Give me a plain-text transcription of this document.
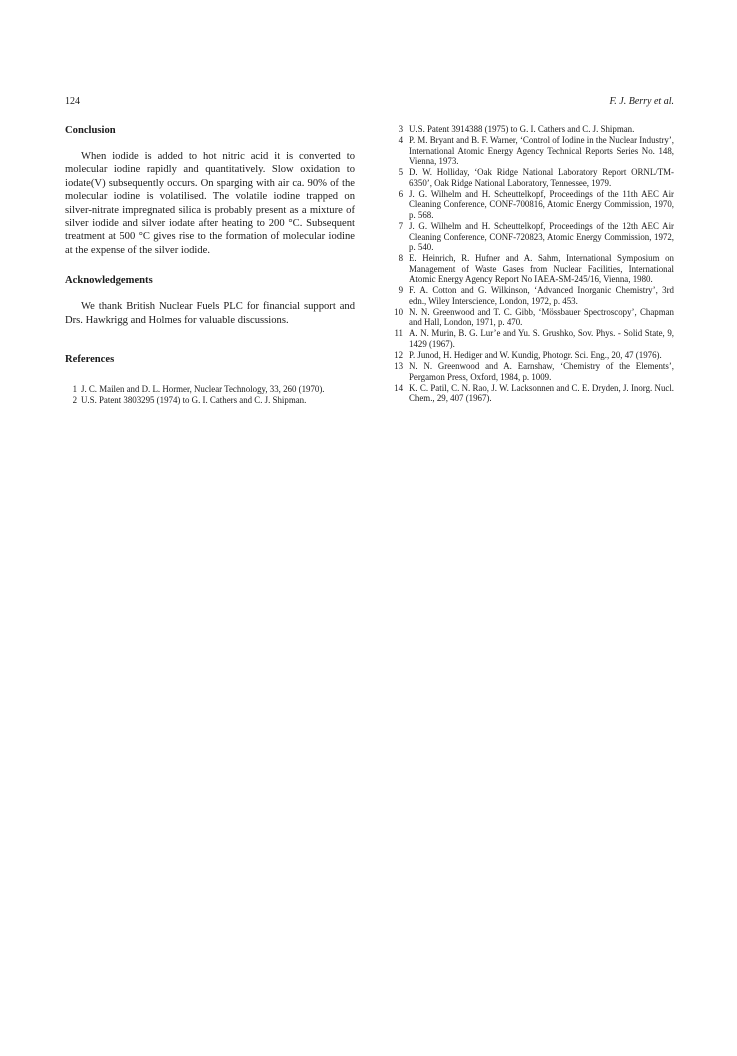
124	F. J. Berry et al.
Conclusion

When iodide is added to hot nitric acid it is converted to molecular iodine rapidly and quantitatively. Slow oxidation to iodate(V) subsequently occurs. On sparging with air ca. 90% of the molecular iodine is volatilised. The volatile iodine trapped on silver-nitrate impregnated silica is probably present as a mixture of silver iodide and silver iodate after heating to 200 °C. Subsequent treatment at 500 °C gives rise to the formation of molecular iodine at the expense of the silver iodide.

Acknowledgements

We thank British Nuclear Fuels PLC for financial support and Drs. Hawkrigg and Holmes for valuable discussions.

References
1 J. C. Mailen and D. L. Hormer, Nuclear Technology, 33, 260 (1970).
2 U.S. Patent 3803295 (1974) to G. I. Cathers and C. J. Shipman.
3 U.S. Patent 3914388 (1975) to G. I. Cathers and C. J. Shipman.
4 P. M. Bryant and B. F. Warner, ‘Control of Iodine in the Nuclear Industry’, International Atomic Energy Agency Technical Reports Series No. 148, Vienna, 1973.
5 D. W. Holliday, ‘Oak Ridge National Laboratory Report ORNL/TM-6350’, Oak Ridge National Laboratory, Tennessee, 1979.
6 J. G. Wilhelm and H. Scheuttelkopf, Proceedings of the 11th AEC Air Cleaning Conference, CONF-700816, Atomic Energy Commission, 1970, p. 568.
7 J. G. Wilhelm and H. Scheuttelkopf, Proceedings of the 12th AEC Air Cleaning Conference, CONF-720823, Atomic Energy Commission, 1972, p. 540.
8 E. Heinrich, R. Hufner and A. Sahm, International Symposium on Management of Waste Gases from Nuclear Facilities, International Atomic Energy Agency Report No IAEA-SM-245/16, Vienna, 1980.
9 F. A. Cotton and G. Wilkinson, ‘Advanced Inorganic Chemistry’, 3rd edn., Wiley Interscience, London, 1972, p. 453.
10 N. N. Greenwood and T. C. Gibb, ‘Mössbauer Spectroscopy’, Chapman and Hall, London, 1971, p. 470.
11 A. N. Murin, B. G. Lur’e and Yu. S. Grushko, Sov. Phys. - Solid State, 9, 1429 (1967).
12 P. Junod, H. Hediger and W. Kundig, Photogr. Sci. Eng., 20, 47 (1976).
13 N. N. Greenwood and A. Earnshaw, ‘Chemistry of the Elements’, Pergamon Press, Oxford, 1984, p. 1009.
14 K. C. Patil, C. N. Rao, J. W. Lacksonnen and C. E. Dryden, J. Inorg. Nucl. Chem., 29, 407 (1967).
